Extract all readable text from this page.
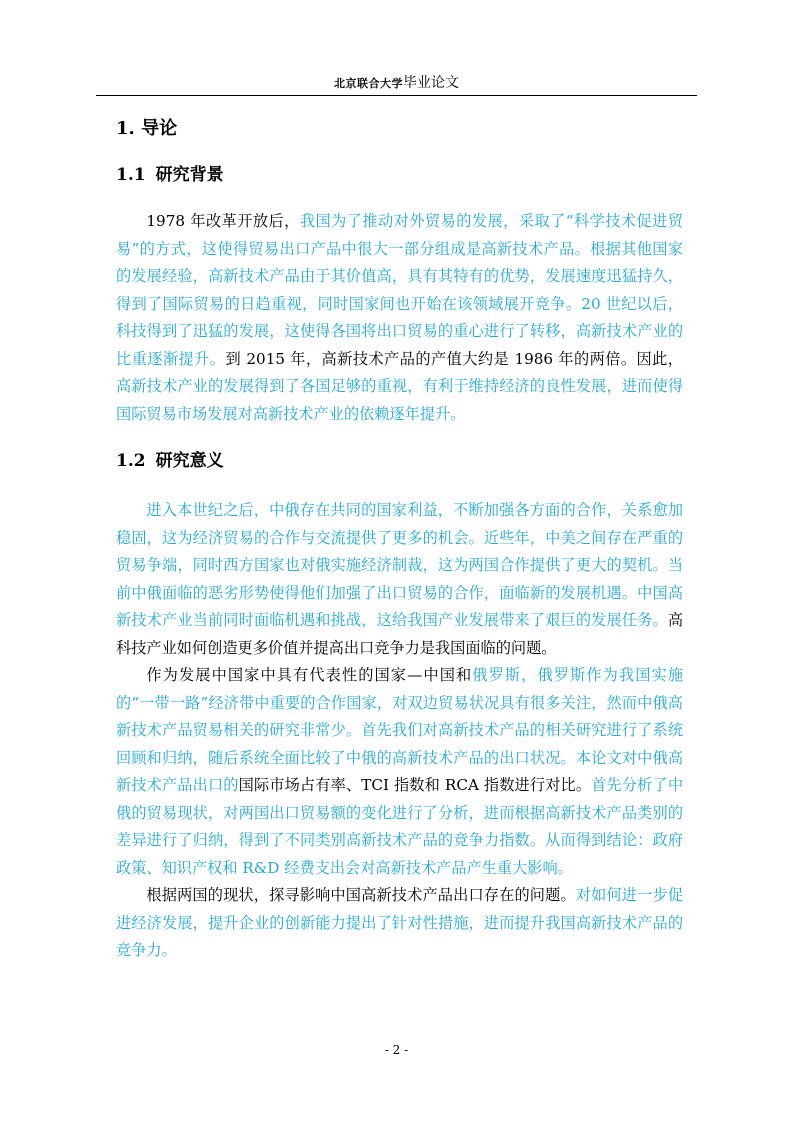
北京联合大学毕业论文
1. 导论
1.1 研究背景

1978 年改革开放后，我国为了推动对外贸易的发展，采取了“科学技术促进贸易”的方式，这使得贸易出口产品中很大一部分组成是高新技术产品。根据其他国家的发展经验，高新技术产品由于其价值高，具有其特有的优势，发展速度迅猛持久，得到了国际贸易的日趋重视，同时国家间也开始在该领域展开竞争。20 世纪以后，科技得到了迅猛的发展，这使得各国将出口贸易的重心进行了转移，高新技术产业的比重逐渐提升。到 2015 年，高新技术产品的产值大约是 1986 年的两倍。因此，高新技术产业的发展得到了各国足够的重视，有利于维持经济的良性发展，进而使得国际贸易市场发展对高新技术产业的依赖逐年提升。

1.2 研究意义

进入本世纪之后，中俄存在共同的国家利益，不断加强各方面的合作，关系愈加稳固，这为经济贸易的合作与交流提供了更多的机会。近些年，中美之间存在严重的贸易争端，同时西方国家也对俄实施经济制裁，这为两国合作提供了更大的契机。当前中俄面临的恶劣形势使得他们加强了出口贸易的合作，面临新的发展机遇。中国高新技术产业当前同时面临机遇和挑战，这给我国产业发展带来了艰巨的发展任务。高科技产业如何创造更多价值并提高出口竞争力是我国面临的问题。

作为发展中国家中具有代表性的国家—中国和俄罗斯，俄罗斯作为我国实施的“一带一路”经济带中重要的合作国家，对双边贸易状况具有很多关注，然而中俄高新技术产品贸易相关的研究非常少。首先我们对高新技术产品的相关研究进行了系统回顾和归纳，随后系统全面比较了中俄的高新技术产品的出口状况。本论文对中俄高新技术产品出口的国际市场占有率、TCI 指数和 RCA 指数进行对比。首先分析了中俄的贸易现状，对两国出口贸易额的变化进行了分析，进而根据高新技术产品类别的差异进行了归纳，得到了不同类别高新技术产品的竞争力指数。从而得到结论：政府政策、知识产权和 R&D 经费支出会对高新技术产品产生重大影响。

根据两国的现状，探寻影响中国高新技术产品出口存在的问题。对如何进一步促进经济发展，提升企业的创新能力提出了针对性措施，进而提升我国高新技术产品的竞争力。

- 2 -
